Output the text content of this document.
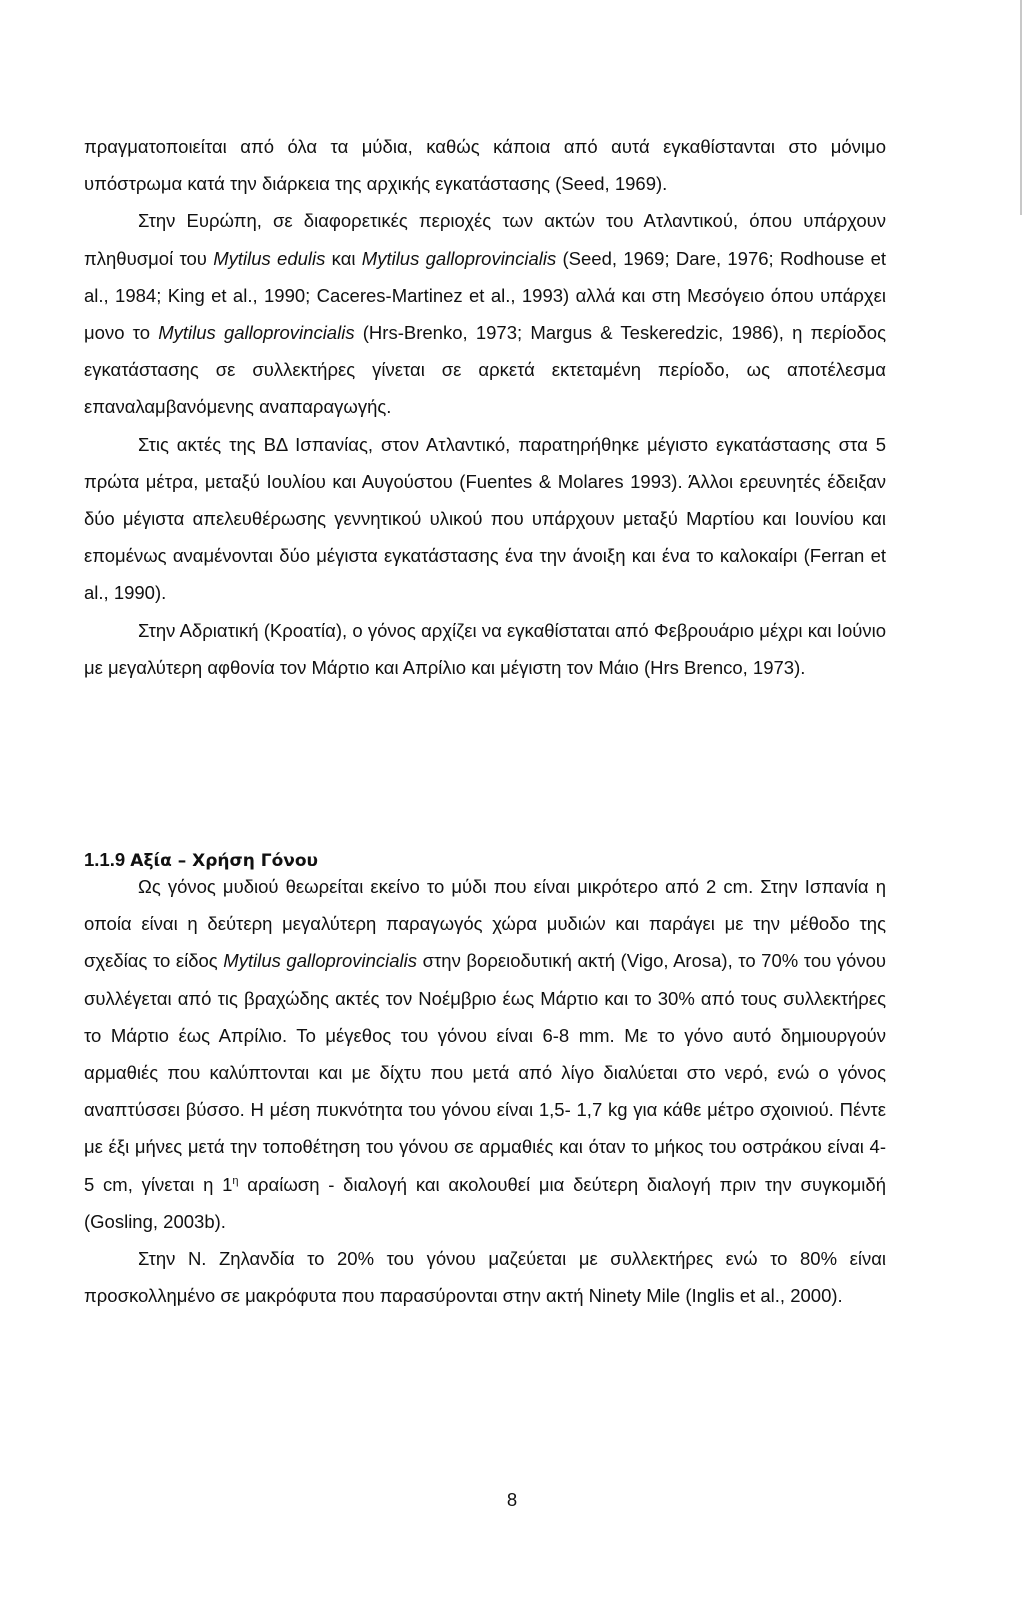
πραγματοποιείται από όλα τα μύδια, καθώς κάποια από αυτά εγκαθίστανται στο μόνιμο υπόστρωμα κατά την διάρκεια της αρχικής εγκατάστασης (Seed, 1969).

Στην Ευρώπη, σε διαφορετικές περιοχές των ακτών του Ατλαντικού, όπου υπάρχουν πληθυσμοί του Mytilus edulis και Mytilus galloprovincialis (Seed, 1969; Dare, 1976; Rodhouse et al., 1984; King et al., 1990; Caceres-Martinez et al., 1993) αλλά και στη Μεσόγειο όπου υπάρχει μονο το Mytilus galloprovincialis (Hrs-Brenko, 1973; Margus & Teskeredzic, 1986), η περίοδος εγκατάστασης σε συλλεκτήρες γίνεται σε αρκετά εκτεταμένη περίοδο, ως αποτέλεσμα επαναλαμβανόμενης αναπαραγωγής.

Στις ακτές της ΒΔ Ισπανίας, στον Ατλαντικό, παρατηρήθηκε μέγιστο εγκατάστασης στα 5 πρώτα μέτρα, μεταξύ Ιουλίου και Αυγούστου (Fuentes & Molares 1993). Άλλοι ερευνητές έδειξαν δύο μέγιστα απελευθέρωσης γεννητικού υλικού που υπάρχουν μεταξύ Μαρτίου και Ιουνίου και επομένως αναμένονται δύο μέγιστα εγκατάστασης ένα την άνοιξη και ένα το καλοκαίρι (Ferran et al., 1990).

Στην Αδριατική (Κροατία), ο γόνος αρχίζει να εγκαθίσταται από Φεβρουάριο μέχρι και Ιούνιο με μεγαλύτερη αφθονία τον Μάρτιο και Απρίλιο και μέγιστη τον Μάιο (Hrs Brenco, 1973).

1.1.9 Αξία – Χρήση Γόνου

Ως γόνος μυδιού θεωρείται εκείνο το μύδι που είναι μικρότερο από 2 cm. Στην Ισπανία η οποία είναι η δεύτερη μεγαλύτερη παραγωγός χώρα μυδιών και παράγει με την μέθοδο της σχεδίας το είδος Mytilus galloprovincialis στην βορειοδυτική ακτή (Vigo, Arosa), το 70% του γόνου συλλέγεται από τις βραχώδης ακτές τον Νοέμβριο έως Μάρτιο και το 30% από τους συλλεκτήρες το Μάρτιο έως Απρίλιο. Το μέγεθος του γόνου είναι 6-8 mm. Με το γόνο αυτό δημιουργούν αρμαθιές που καλύπτονται και με δίχτυ που μετά από λίγο διαλύεται στο νερό, ενώ ο γόνος αναπτύσσει βύσσο. Η μέση πυκνότητα του γόνου είναι 1,5- 1,7 kg για κάθε μέτρο σχοινιού. Πέντε με έξι μήνες μετά την τοποθέτηση του γόνου σε αρμαθιές και όταν το μήκος του οστράκου είναι 4-5 cm, γίνεται η $1^\eta$ αραίωση - διαλογή και ακολουθεί μια δεύτερη διαλογή πριν την συγκομιδή (Gosling, 2003b).

Στην Ν. Ζηλανδία το 20% του γόνου μαζεύεται με συλλεκτήρες ενώ το 80% είναι προσκολλημένο σε μακρόφυτα που παρασύρονται στην ακτή Ninety Mile (Inglis et al., 2000).

8
